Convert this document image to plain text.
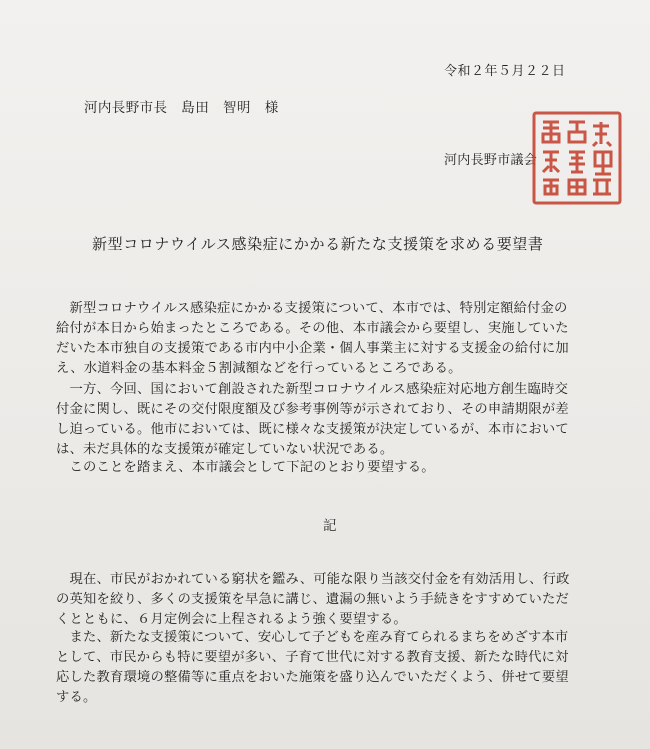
令和２年５月２２日
河内長野市長　島田　智明　様
河内長野市議会
新型コロナウイルス感染症にかかる新たな支援策を求める要望書
　新型コロナウイルス感染症にかかる支援策について、本市では、特別定額給付金の
給付が本日から始まったところである。その他、本市議会から要望し、実施していた
だいた本市独自の支援策である市内中小企業・個人事業主に対する支援金の給付に加
え、水道料金の基本料金５割減額などを行っているところである。
　一方、今回、国において創設された新型コロナウイルス感染症対応地方創生臨時交
付金に関し、既にその交付限度額及び参考事例等が示されており、その申請期限が差
し迫っている。他市においては、既に様々な支援策が決定しているが、本市において
は、未だ具体的な支援策が確定していない状況である。
　このことを踏まえ、本市議会として下記のとおり要望する。
記
　現在、市民がおかれている窮状を鑑み、可能な限り当該交付金を有効活用し、行政
の英知を絞り、多くの支援策を早急に講じ、遺漏の無いよう手続きをすすめていただ
くとともに、６月定例会に上程されるよう強く要望する。
　また、新たな支援策について、安心して子どもを産み育てられるまちをめざす本市
として、市民からも特に要望が多い、子育て世代に対する教育支援、新たな時代に対
応した教育環境の整備等に重点をおいた施策を盛り込んでいただくよう、併せて要望
する。
